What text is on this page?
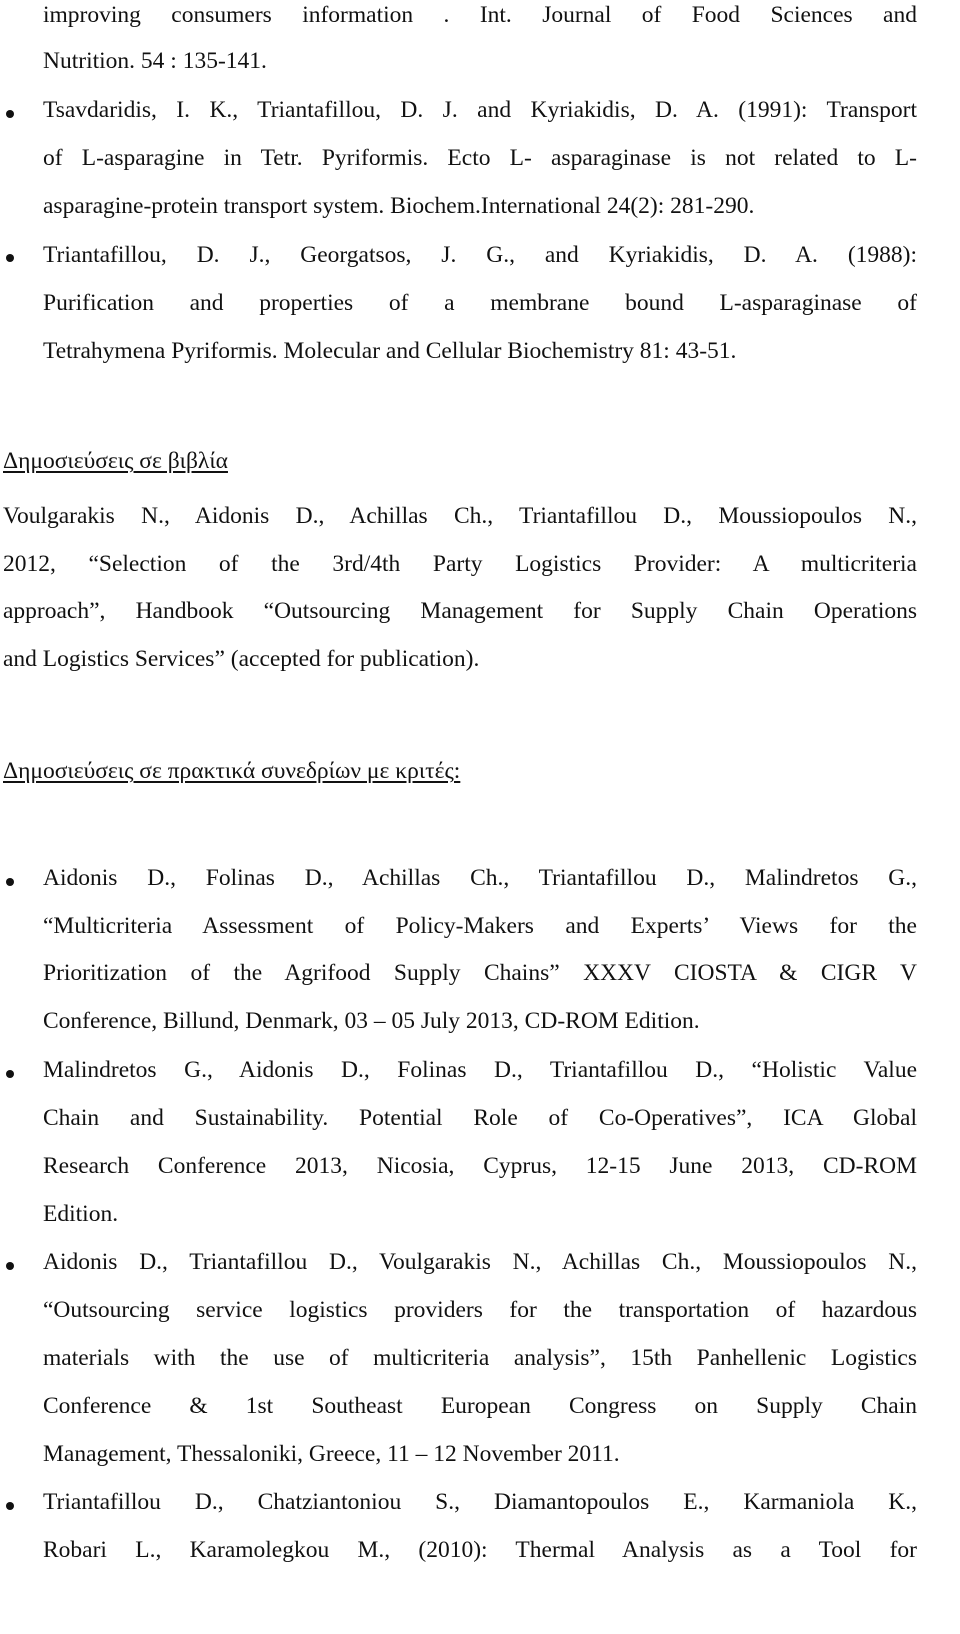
improving consumers information . Int. Journal of Food Sciences and
Nutrition. 54 : 135-141.
Tsavdaridis, I. K., Triantafillou, D. J. and Kyriakidis, D. A. (1991): Transport
of L-asparagine in Tetr. Pyriformis. Ecto L- asparaginase is not related to L-
asparagine-protein transport system. Biochem.International 24(2): 281-290.
Triantafillou, D. J., Georgatsos, J. G., and Kyriakidis, D. A. (1988):
Purification and properties of a membrane bound L-asparaginase of
Tetrahymena Pyriformis. Molecular and Cellular Biochemistry 81: 43-51.
Δημοσιεύσεις σε βιβλία
Voulgarakis N., Aidonis D., Achillas Ch., Triantafillou D., Moussiopoulos N.,
2012, “Selection of the 3rd/4th Party Logistics Provider: A multicriteria
approach”, Handbook “Outsourcing Management for Supply Chain Operations
and Logistics Services” (accepted for publication).
Δημοσιεύσεις σε πρακτικά συνεδρίων με κριτές:
Aidonis D., Folinas D., Achillas Ch., Triantafillou D., Malindretos G.,
“Multicriteria Assessment of Policy-Makers and Experts’ Views for the
Prioritization of the Agrifood Supply Chains” XXXV CIOSTA & CIGR V
Conference, Billund, Denmark, 03 – 05 July 2013, CD-ROM Edition.
Malindretos G., Aidonis D., Folinas D., Triantafillou D., “Holistic Value
Chain and Sustainability. Potential Role of Co-Operatives”, ICA Global
Research Conference 2013, Nicosia, Cyprus, 12-15 June 2013, CD-ROM
Edition.
Aidonis D., Triantafillou D., Voulgarakis N., Achillas Ch., Moussiopoulos N.,
“Outsourcing service logistics providers for the transportation of hazardous
materials with the use of multicriteria analysis”, 15th Panhellenic Logistics
Conference & 1st Southeast European Congress on Supply Chain
Management, Thessaloniki, Greece, 11 – 12 November 2011.
Triantafillou D., Chatziantoniou S., Diamantopoulos E., Karmaniola K.,
Robari L., Karamolegkou M., (2010): Thermal Analysis as a Tool for
